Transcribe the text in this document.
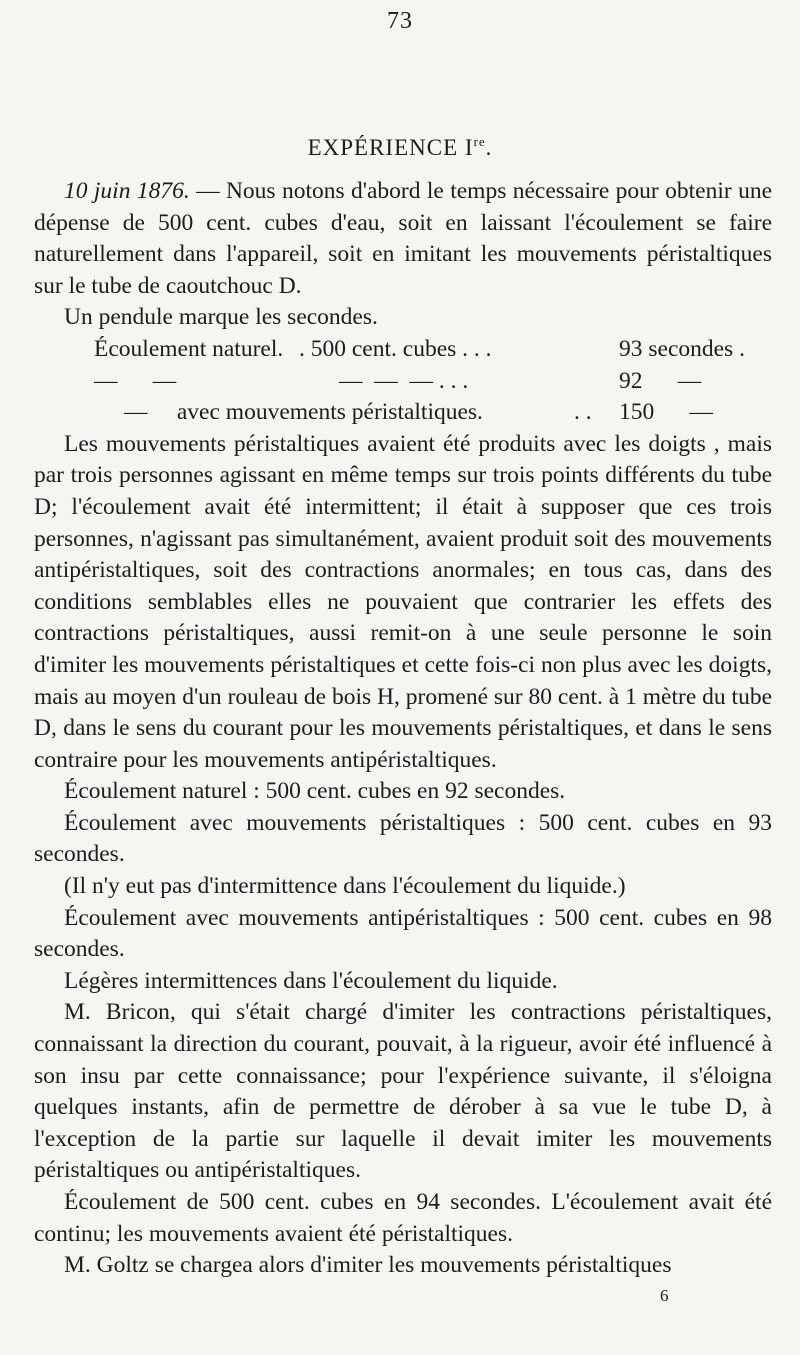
73
EXPÉRIENCE Ire.

10 juin 1876. — Nous notons d'abord le temps nécessaire pour obtenir une dépense de 500 cent. cubes d'eau, soit en laissant l'écoulement se faire naturellement dans l'appareil, soit en imitant les mouvements péristaltiques sur le tube de caoutchouc D.

Un pendule marque les secondes.

Écoulement naturel. . 500 cent. cubes . . .	93 secondes .

—      —	—  —  — . . .	92      —

—     avec mouvements péristaltiques.	. .	150      —

Les mouvements péristaltiques avaient été produits avec les doigts , mais par trois personnes agissant en même temps sur trois points différents du tube D; l'écoulement avait été intermittent; il était à supposer que ces trois personnes, n'agissant pas simultanément, avaient produit soit des mouvements antipéristaltiques, soit des contractions anormales; en tous cas, dans des conditions semblables elles ne pouvaient que contrarier les effets des contractions péristaltiques, aussi remit-on à une seule personne le soin d'imiter les mouvements péristaltiques et cette fois-ci non plus avec les doigts, mais au moyen d'un rouleau de bois H, promené sur 80 cent. à 1 mètre du tube D, dans le sens du courant pour les mouvements péristaltiques, et dans le sens contraire pour les mouvements antipéristaltiques.

Écoulement naturel : 500 cent. cubes en 92 secondes.

Écoulement avec mouvements péristaltiques : 500 cent. cubes en 93 secondes.

(Il n'y eut pas d'intermittence dans l'écoulement du liquide.)

Écoulement avec mouvements antipéristaltiques : 500 cent. cubes en 98 secondes.

Légères intermittences dans l'écoulement du liquide.

M. Bricon, qui s'était chargé d'imiter les contractions péristaltiques, connaissant la direction du courant, pouvait, à la rigueur, avoir été influencé à son insu par cette connaissance; pour l'expérience suivante, il s'éloigna quelques instants, afin de permettre de dérober à sa vue le tube D, à l'exception de la partie sur laquelle il devait imiter les mouvements péristaltiques ou antipéristaltiques.

Écoulement de 500 cent. cubes en 94 secondes. L'écoulement avait été continu; les mouvements avaient été péristaltiques.

M. Goltz se chargea alors d'imiter les mouvements péristaltiques

6
